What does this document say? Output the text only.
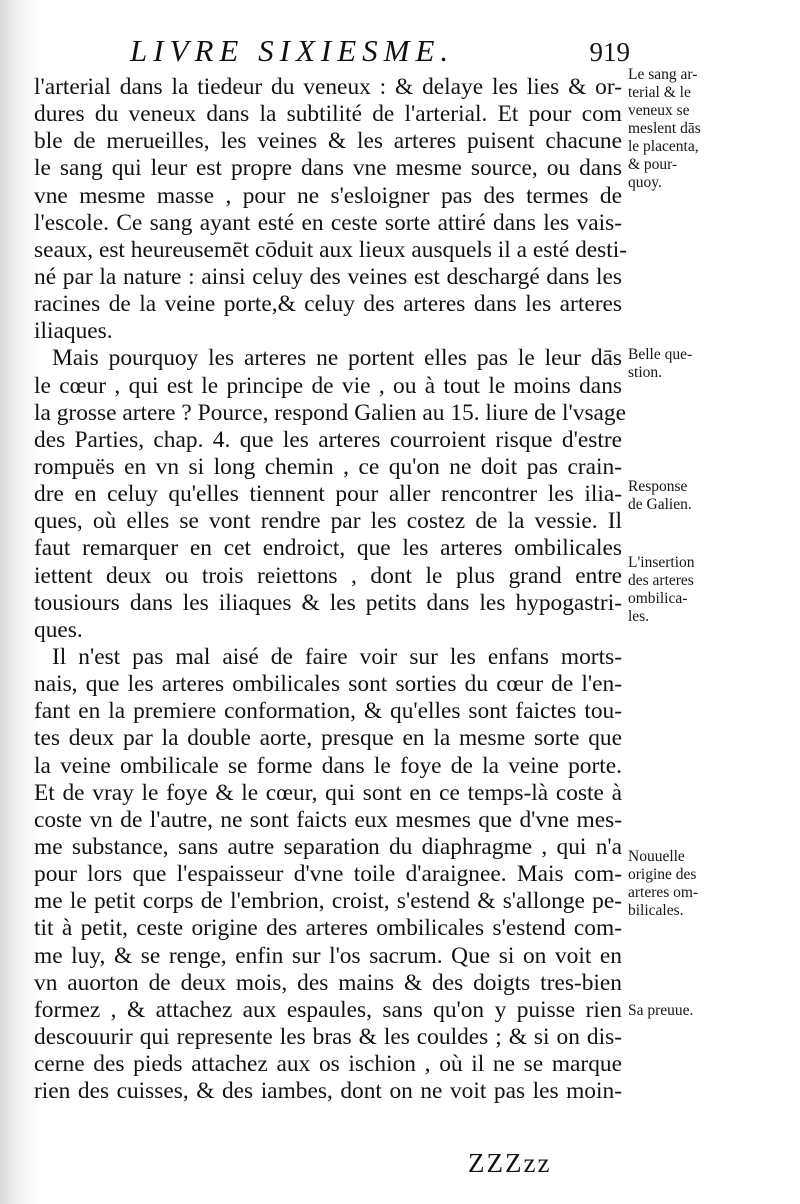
LIVRE SIXIESME.	919
l'arterial dans la tiedeur du veneux : & delaye les lies & or-
dures du veneux dans la subtilité de l'arterial. Et pour com
ble de merueilles, les veines & les arteres puisent chacune
le sang qui leur est propre dans vne mesme source, ou dans
vne mesme masse , pour ne s'esloigner pas des termes de
l'escole. Ce sang ayant esté en ceste sorte attiré dans les vais-
seaux, est heureusemēt cōduit aux lieux ausquels il a esté desti-
né par la nature : ainsi celuy des veines est deschargé dans les
racines de la veine porte,& celuy des arteres dans les arteres
iliaques.
Mais pourquoy les arteres ne portent elles pas le leur dās
le cœur , qui est le principe de vie , ou à tout le moins dans
la grosse artere ? Pource, respond Galien au 15. liure de l'vsage
des Parties, chap. 4. que les arteres courroient risque d'estre
rompuës en vn si long chemin , ce qu'on ne doit pas crain-
dre en celuy qu'elles tiennent pour aller rencontrer les ilia-
ques, où elles se vont rendre par les costez de la vessie. Il
faut remarquer en cet endroict, que les arteres ombilicales
iettent deux ou trois reiettons , dont le plus grand entre
tousiours dans les iliaques & les petits dans les hypogastri-
ques.
Il n'est pas mal aisé de faire voir sur les enfans morts-
nais, que les arteres ombilicales sont sorties du cœur de l'en-
fant en la premiere conformation, & qu'elles sont faictes tou-
tes deux par la double aorte, presque en la mesme sorte que
la veine ombilicale se forme dans le foye de la veine porte.
Et de vray le foye & le cœur, qui sont en ce temps-là coste à
coste vn de l'autre, ne sont faicts eux mesmes que d'vne mes-
me substance, sans autre separation du diaphragme , qui n'a
pour lors que l'espaisseur d'vne toile d'araignee. Mais com-
me le petit corps de l'embrion, croist, s'estend & s'allonge pe-
tit à petit, ceste origine des arteres ombilicales s'estend com-
me luy, & se renge, enfin sur l'os sacrum. Que si on voit en
vn auorton de deux mois, des mains & des doigts tres-bien
formez , & attachez aux espaules, sans qu'on y puisse rien
descouurir qui represente les bras & les couldes ; & si on dis-
cerne des pieds attachez aux os ischion , où il ne se marque
rien des cuisses, & des iambes, dont on ne voit pas les moin-
Le sang ar-
terial & le
veneux se
meslent dās
le placenta,
& pour-
quoy.
Belle que-
stion.
Response
de Galien.
L'insertion
des arteres
ombilica-
les.
Nouuelle
origine des
arteres om-
bilicales.
Sa preuue.
ZZZzz
